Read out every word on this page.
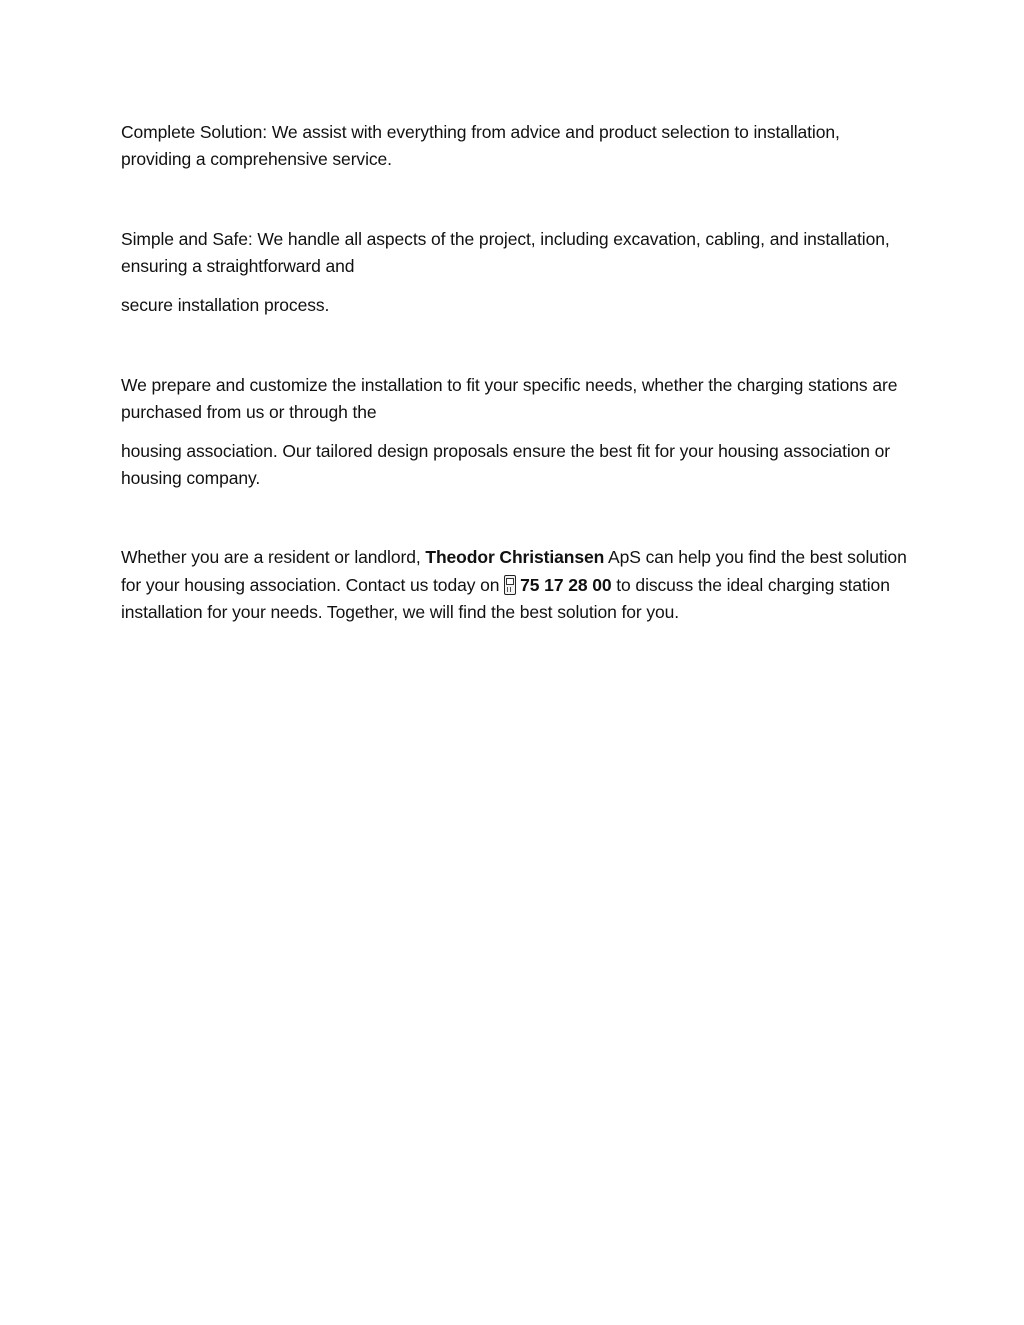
Complete Solution: We assist with everything from advice and product selection to installation, providing a comprehensive service.

Simple and Safe: We handle all aspects of the project, including excavation, cabling, and installation, ensuring a straightforward and

secure installation process.

We prepare and customize the installation to fit your specific needs, whether the charging stations are purchased from us or through the

housing association. Our tailored design proposals ensure the best fit for your housing association or housing company.

Whether you are a resident or landlord, Theodor Christiansen ApS can help you find the best solution for your housing association. Contact us today on 75 17 28 00 to discuss the ideal charging station installation for your needs. Together, we will find the best solution for you.
